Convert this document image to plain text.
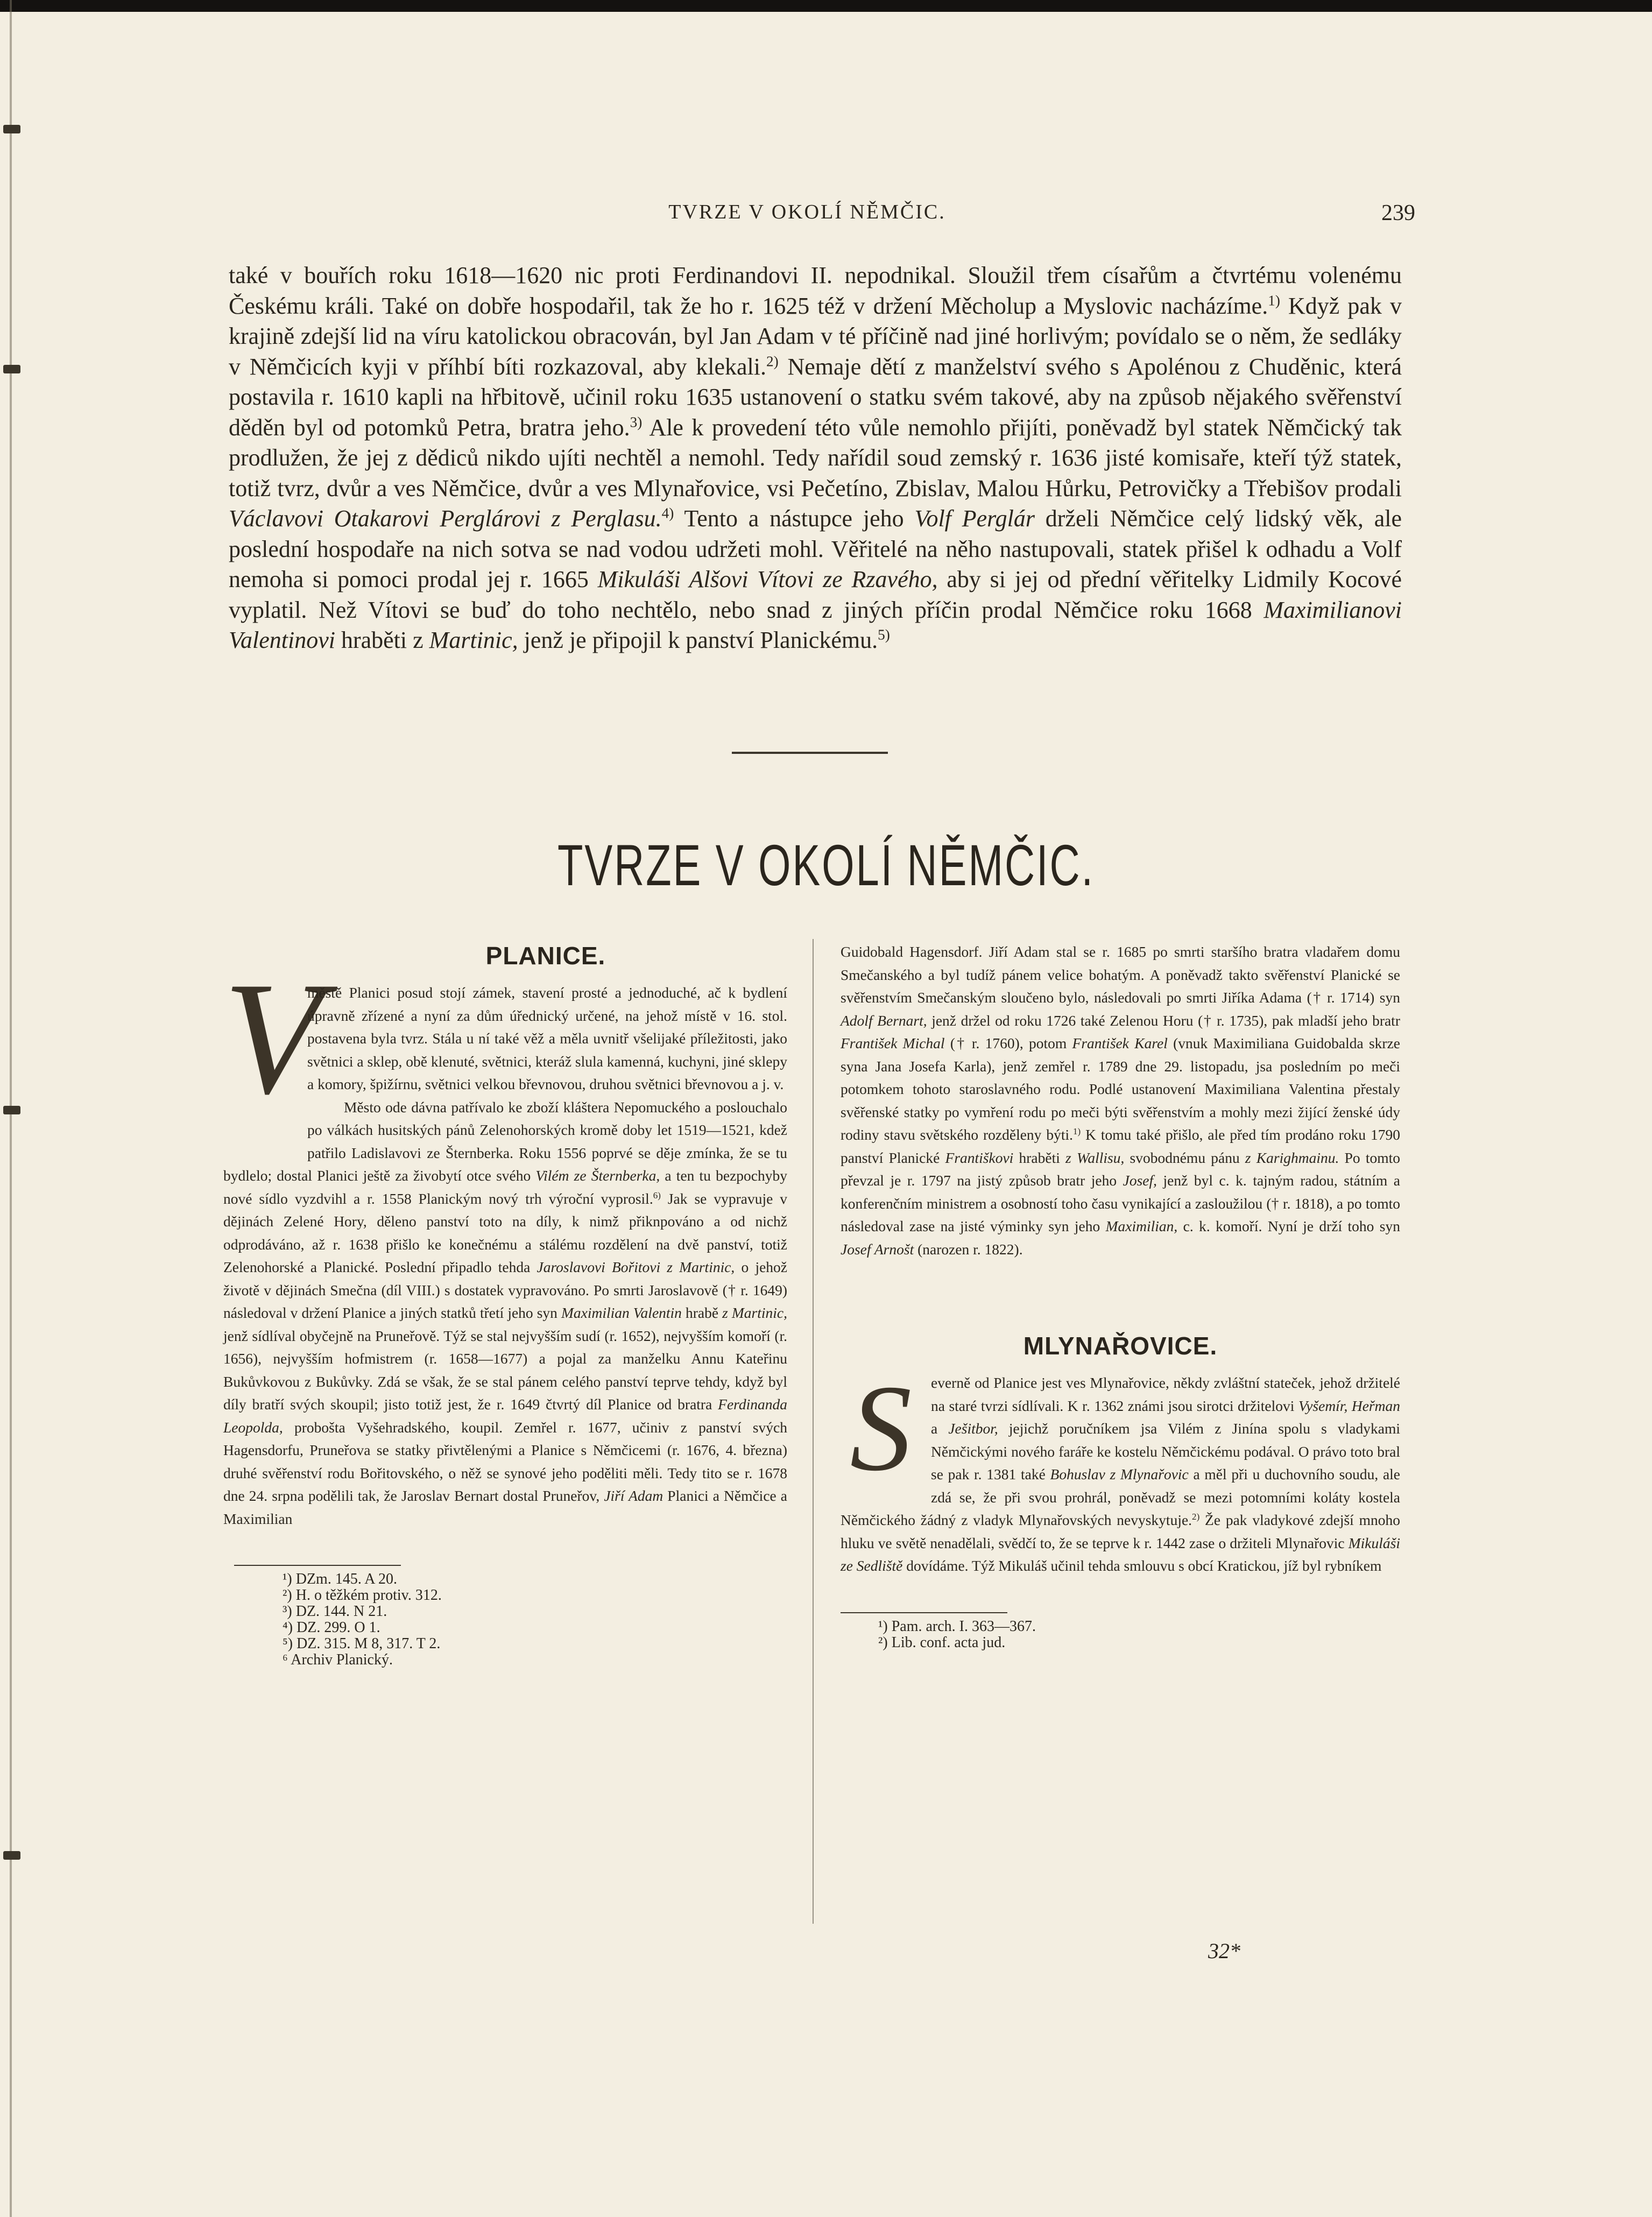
TVRZE V OKOLÍ NĚMČIC.	239
také v bouřích roku 1618—1620 nic proti Ferdinandovi II. nepodnikal. Sloužil třem císařům a čtvrtému volenému Českému králi. Také on dobře hospodařil, tak že ho r. 1625 též v držení Měcholup a Myslovic nacházíme.$^{1)}$ Když pak v krajině zdejší lid na víru katolickou obracován, byl Jan Adam v té příčině nad jiné horlivým; povídalo se o něm, že sedláky v Němčicích kyji v příhbí bíti rozkazoval, aby klekali.$^{2)}$ Nemaje dětí z manželství svého s Apolénou z Chuděnic, která postavila r. 1610 kapli na hřbitově, učinil roku 1635 ustanovení o statku svém takové, aby na způsob nějakého svěřenství děděn byl od potomků Petra, bratra jeho.$^{3)}$ Ale k provedení této vůle nemohlo přijíti, poněvadž byl statek Němčický tak prodlužen, že jej z dědiců nikdo ujíti nechtěl a nemohl. Tedy nařídil soud zemský r. 1636 jisté komisaře, kteří týž statek, totiž tvrz, dvůr a ves Němčice, dvůr a ves Mlynařovice, vsi Pečetíno, Zbislav, Malou Hůrku, Petrovičky a Třebišov prodali Václavovi Otakarovi Perglárovi z Perglasu.$^{4)}$ Tento a nástupce jeho Volf Perglár drželi Němčice celý lidský věk, ale poslední hospodaře na nich sotva se nad vodou udržeti mohl. Věřitelé na něho nastupovali, statek přišel k odhadu a Volf nemoha si pomoci prodal jej r. 1665 Mikuláši Alšovi Vítovi ze Rzavého, aby si jej od přední věřitelky Lidmily Kocové vyplatil. Než Vítovi se buď do toho nechtělo, nebo snad z jiných příčin prodal Němčice roku 1668 Maximilianovi Valentinovi hraběti z Martinic, jenž je připojil k panství Planickému.$^{5)}$
TVRZE V OKOLÍ NĚMČIC.
PLANICE.
V

městě Planici posud stojí zámek, stavení prosté a jednoduché, ač k bydlení úpravně zřízené a nyní za dům úřednický určené, na jehož místě v 16. stol. postavena byla tvrz. Stála u ní také věž a měla uvnitř všelijaké příležitosti, jako světnici a sklep, obě klenuté, světnici, kteráž slula kamenná, kuchyni, jiné sklepy a komory, špižírnu, světnici velkou břevnovou, druhou světnici břevnovou a j. v.

Město ode dávna patřívalo ke zboží kláštera Nepomuckého a poslouchalo po válkách husitských pánů Zelenohorských kromě doby let 1519—1521, kdež patřilo Ladislavovi ze Šternberka. Roku 1556 poprvé se děje zmínka, že se tu bydlelo; dostal Planici ještě za živobytí otce svého Vilém ze Šternberka, a ten tu bezpochyby nové sídlo vyzdvihl a r. 1558 Planickým nový trh výroční vyprosil.$^{6)}$ Jak se vypravuje v dějinách Zelené Hory, děleno panství toto na díly, k nimž přiknpováno a od nichž odprodáváno, až r. 1638 přišlo ke konečnému a stálému rozdělení na dvě panství, totiž Zelenohorské a Planické. Poslední připadlo tehda Jaroslavovi Bořitovi z Martinic, o jehož životě v dějinách Smečna (díl VIII.) s dostatek vypravováno. Po smrti Jaroslavově († r. 1649) následoval v držení Planice a jiných statků třetí jeho syn Maximilian Valentin hrabě z Martinic, jenž sídlíval obyčejně na Pruneřově. Týž se stal nejvyšším sudí (r. 1652), nejvyšším komoří (r. 1656), nejvyšším hofmistrem (r. 1658—1677) a pojal za manželku Annu Kateřinu Bukůvkovou z Bukůvky. Zdá se však, že se stal pánem celého panství teprve tehdy, když byl díly bratří svých skoupil; jisto totiž jest, že r. 1649 čtvrtý díl Planice od bratra Ferdinanda Leopolda, probošta Vyšehradského, koupil. Zemřel r. 1677, učiniv z panství svých Hagensdorfu, Pruneřova se statky přivtělenými a Planice s Němčicemi (r. 1676, 4. března) druhé svěřenství rodu Bořitovského, o něž se synové jeho poděliti měli. Tedy tito se r. 1678 dne 24. srpna podělili tak, že Jaroslav Bernart dostal Pruneřov, Jiří Adam Planici a Němčice a Maximilian

¹) DZm. 145. A 20.
²) H. o těžkém protiv. 312.
³) DZ. 144. N 21.
⁴) DZ. 299. O 1.
⁵) DZ. 315. M 8, 317. T 2.
⁶ Archiv Planický.

Guidobald Hagensdorf. Jiří Adam stal se r. 1685 po smrti staršího bratra vladařem domu Smečanského a byl tudíž pánem velice bohatým. A poněvadž takto svěřenství Planické se svěřenstvím Smečanským sloučeno bylo, následovali po smrti Jiříka Adama († r. 1714) syn Adolf Bernart, jenž držel od roku 1726 také Zelenou Horu († r. 1735), pak mladší jeho bratr František Michal († r. 1760), potom František Karel (vnuk Maximiliana Guidobalda skrze syna Jana Josefa Karla), jenž zemřel r. 1789 dne 29. listopadu, jsa posledním po meči potomkem tohoto staroslavného rodu. Podlé ustanovení Maximiliana Valentina přestaly svěřenské statky po vymření rodu po meči býti svěřenstvím a mohly mezi žijící ženské údy rodiny stavu světského rozděleny býti.$^{1)}$ K tomu také přišlo, ale před tím prodáno roku 1790 panství Planické Františkovi hraběti z Wallisu, svobodnému pánu z Karighmainu. Po tomto převzal je r. 1797 na jistý způsob bratr jeho Josef, jenž byl c. k. tajným radou, státním a konferenčním ministrem a osobností toho času vynikající a zasloužilou († r. 1818), a po tomto následoval zase na jisté výminky syn jeho Maximilian, c. k. komoří. Nyní je drží toho syn Josef Arnošt (narozen r. 1822).

MLYNAŘOVICE.
S	everně od Planice jest ves Mlynařovice, někdy zvláštní stateček, jehož držitelé na staré tvrzi sídlívali. K r. 1362 známi jsou sirotci držitelovi Vyšemír, Heřman a Ješitbor, jejichž poručníkem jsa Vilém z Jinína spolu s vladykami Němčickými nového faráře ke kostelu Němčickému podával. O právo toto bral se pak r. 1381 také Bohuslav z Mlynařovic a měl při u duchovního soudu, ale zdá se, že při svou prohrál, poněvadž se mezi potomními koláty kostela Němčického žádný z vladyk Mlynařovských nevyskytuje.$^{2)}$ Že pak vladykové zdejší mnoho hluku ve světě nenadělali, svědčí to, že se teprve k r. 1442 zase o držiteli Mlynařovic Mikuláši ze Sedliště dovídáme. Týž Mikuláš učinil tehda smlouvu s obcí Kratickou, jíž byl rybníkem

¹) Pam. arch. I. 363—367.
²) Lib. conf. acta jud.
32*
